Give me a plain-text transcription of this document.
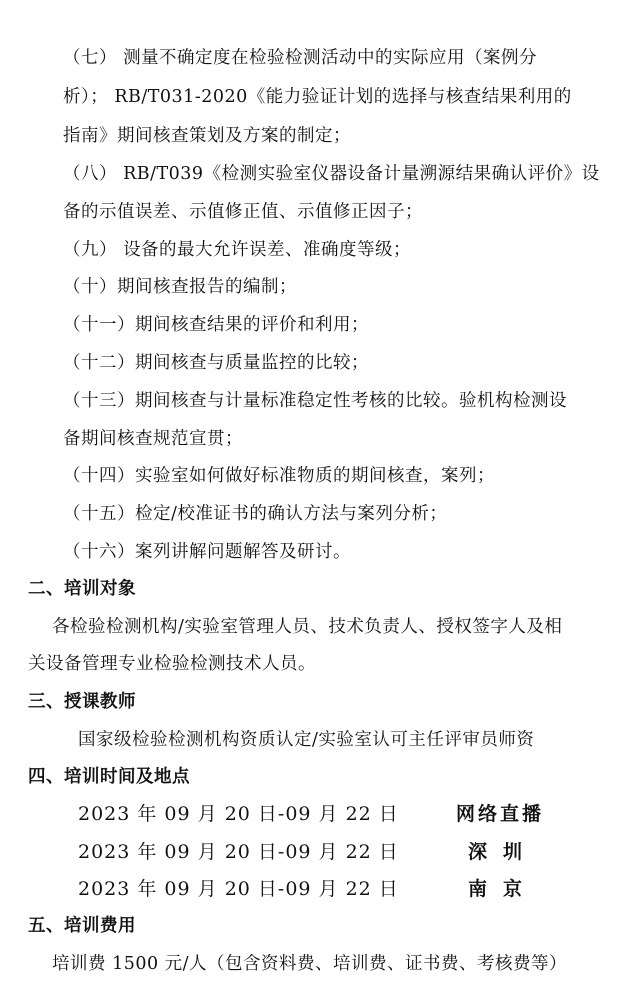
（七） 测量不确定度在检验检测活动中的实际应用（案例分
析）； RB/T031-2020《能力验证计划的选择与核查结果利用的
指南》期间核查策划及方案的制定；
（八） RB/T039《检测实验室仪器设备计量溯源结果确认评价》设
备的示值误差、示值修正值、示值修正因子；
（九） 设备的最大允许误差、准确度等级；
（十）期间核查报告的编制；
（十一）期间核查结果的评价和利用；
（十二）期间核查与质量监控的比较；
（十三）期间核查与计量标准稳定性考核的比较。验机构检测设
备期间核查规范宣贯；
（十四）实验室如何做好标准物质的期间核查，案列；
（十五）检定/校准证书的确认方法与案列分析；
（十六）案列讲解问题解答及研讨。
二、培训对象
各检验检测机构/实验室管理人员、技术负责人、授权签字人及相
关设备管理专业检验检测技术人员。
三、授课教师
国家级检验检测机构资质认定/实验室认可主任评审员师资
四、培训时间及地点
2023 年 09 月 20 日-09 月 22 日	网络直播
2023 年 09 月 20 日-09 月 22 日	深圳
2023 年 09 月 20 日-09 月 22 日	南京
五、培训费用
培训费 1500 元/人（包含资料费、培训费、证书费、考核费等）
